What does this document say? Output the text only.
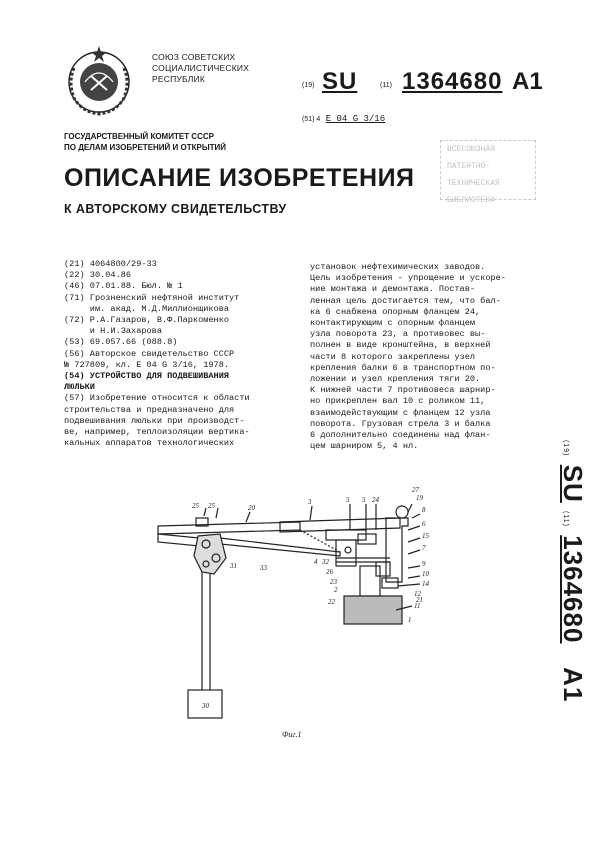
СОЮЗ СОВЕТСКИХ
СОЦИАЛИСТИЧЕСКИХ
РЕСПУБЛИК
(19) SU	(11) 1364680 A1
(51) 4 Е 04 G 3/16
ГОСУДАРСТВЕННЫЙ КОМИТЕТ СССР
ПО ДЕЛАМ ИЗОБРЕТЕНИЙ И ОТКРЫТИЙ	ВСЕСОЮЗНАЯ
ПАТЕНТНО-
ТЕХНИЧЕСКАЯ
БИБЛИОТЕКА
ОПИСАНИЕ ИЗОБРЕТЕНИЯ
К АВТОРСКОМУ СВИДЕТЕЛЬСТВУ
(21) 4064800/29-33
(22) 30.04.86
(46) 07.01.88. Бюл. № 1
(71) Грозненский нефтяной институт
им. акад. М.Д.Миллионщикова
(72) Р.А.Газаров, В.Ф.Паркоменко
и Н.И.Захарова
(53) 69.057.66 (088.8)
(56) Авторское свидетельство СССР
№ 727809, кл. Е 04 G 3/16, 1978.
(54) УСТРОЙСТВО ДЛЯ ПОДВЕШИВАНИЯ
ЛЮЛЬКИ
(57) Изобретение относится к области
строительства и предназначено для
подвешивания люльки при производст-
ве, например, теплоизоляции вертика-
кальных аппаратов технологических
установок нефтехимических заводов.
Цель изобретения - упрощение и ускоре-
ние монтажа и демонтажа. Постав-
ленная цель достигается тем, что бал-
ка 6 снабжена опорным фланцем 24,
контактирующим с опорным фланцем
узла поворота 23, а противовес вы-
полнен в виде кронштейна, в верхней
части 8 которого закреплены узел
крепления балки 6 в транспортном по-
ложении и узел крепления тяги 20.
К нижней части 7 противовеса шарнир-
но прикреплен вал 10 с роликом 11,
взаимодействующим с фланцем 12 узла
поворота. Грузовая стрела 3 и балка
6 дополнительно соединены над флан-
цем шарниром 5, 4 нл.	(19) SU (11) 1364680   A1
25 25	20
3	5 5 24
27
19
8
6
15
7
9
10
14
11
31	33
4 32
26
23
2
22
1
30
12
21
Фиг.1
